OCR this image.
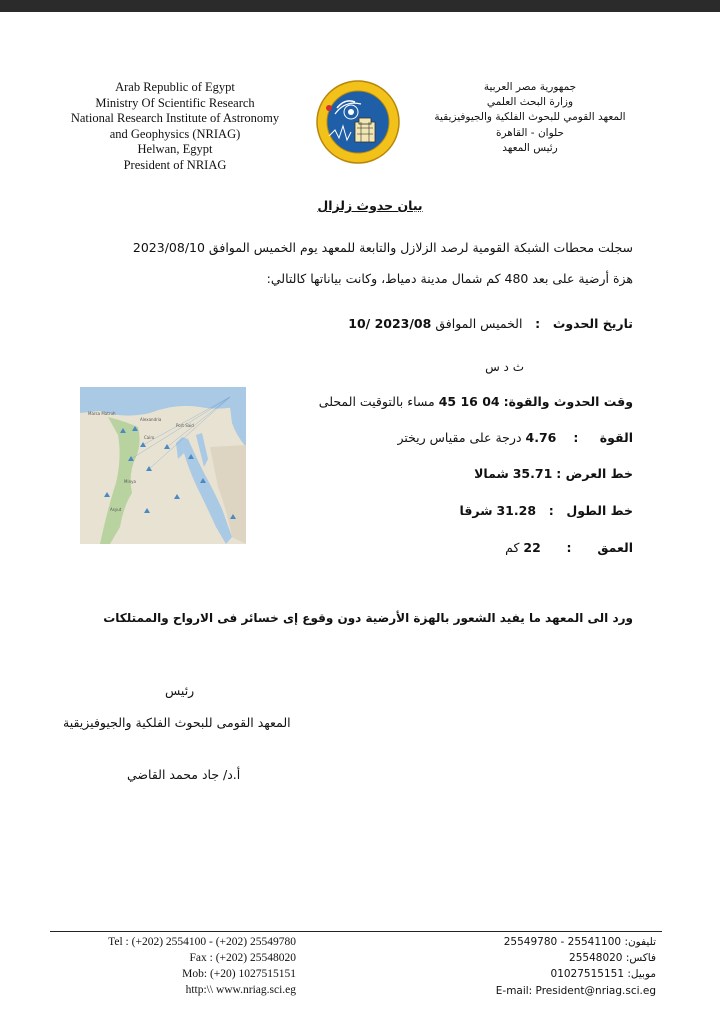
Arab Republic of Egypt
Ministry Of Scientific Research
National Research Institute of Astronomy
and Geophysics (NRIAG)
Helwan, Egypt
President of NRIAG
جمهورية مصر العربية
وزارة البحث العلمي
المعهد القومي للبحوث الفلكية والجيوفيزيقية
حلوان - القاهرة
رئيس المعهد
بيان حدوث زلزال
سجلت محطات الشبكة القومية لرصد الزلازل والتابعة للمعهد يوم الخميس الموافق 2023/08/10
هزة أرضية على بعد 480 كم شمال مدينة دمياط، وكانت بياناتها كالتالي:
تاريخ الحدوث   :   الخميس الموافق 10/ 2023/08
ث د س
وقت الحدوث والقوة: 45 16 04 مساء بالتوقيت المحلى
القوة     :    4.76 درجة على مقياس ريختر
خط العرض : 35.71 شمالا
خط الطول   :   31.28 شرقا
العمق      :      22 كم
Marsa Matruh
Alexandria
Cairo
Minya
Port Said
Asyut
ورد الى المعهد ما يفيد الشعور بالهزة الأرضية دون وقوع إى خسائر فى الارواح والممتلكات
رئيس
المعهد القومى للبحوث الفلكية والجيوفيزيقية
أ.د/ جاد محمد القاضي
Tel : (+202) 2554100 - (+202) 25549780
Fax : (+202) 25548020
Mob: (+20) 1027515151
http:\\ www.nriag.sci.eg
تليفون: 25549780 - 25541100
فاكس: 25548020
موبيل: 01027515151
E-mail: President@nriag.sci.eg
